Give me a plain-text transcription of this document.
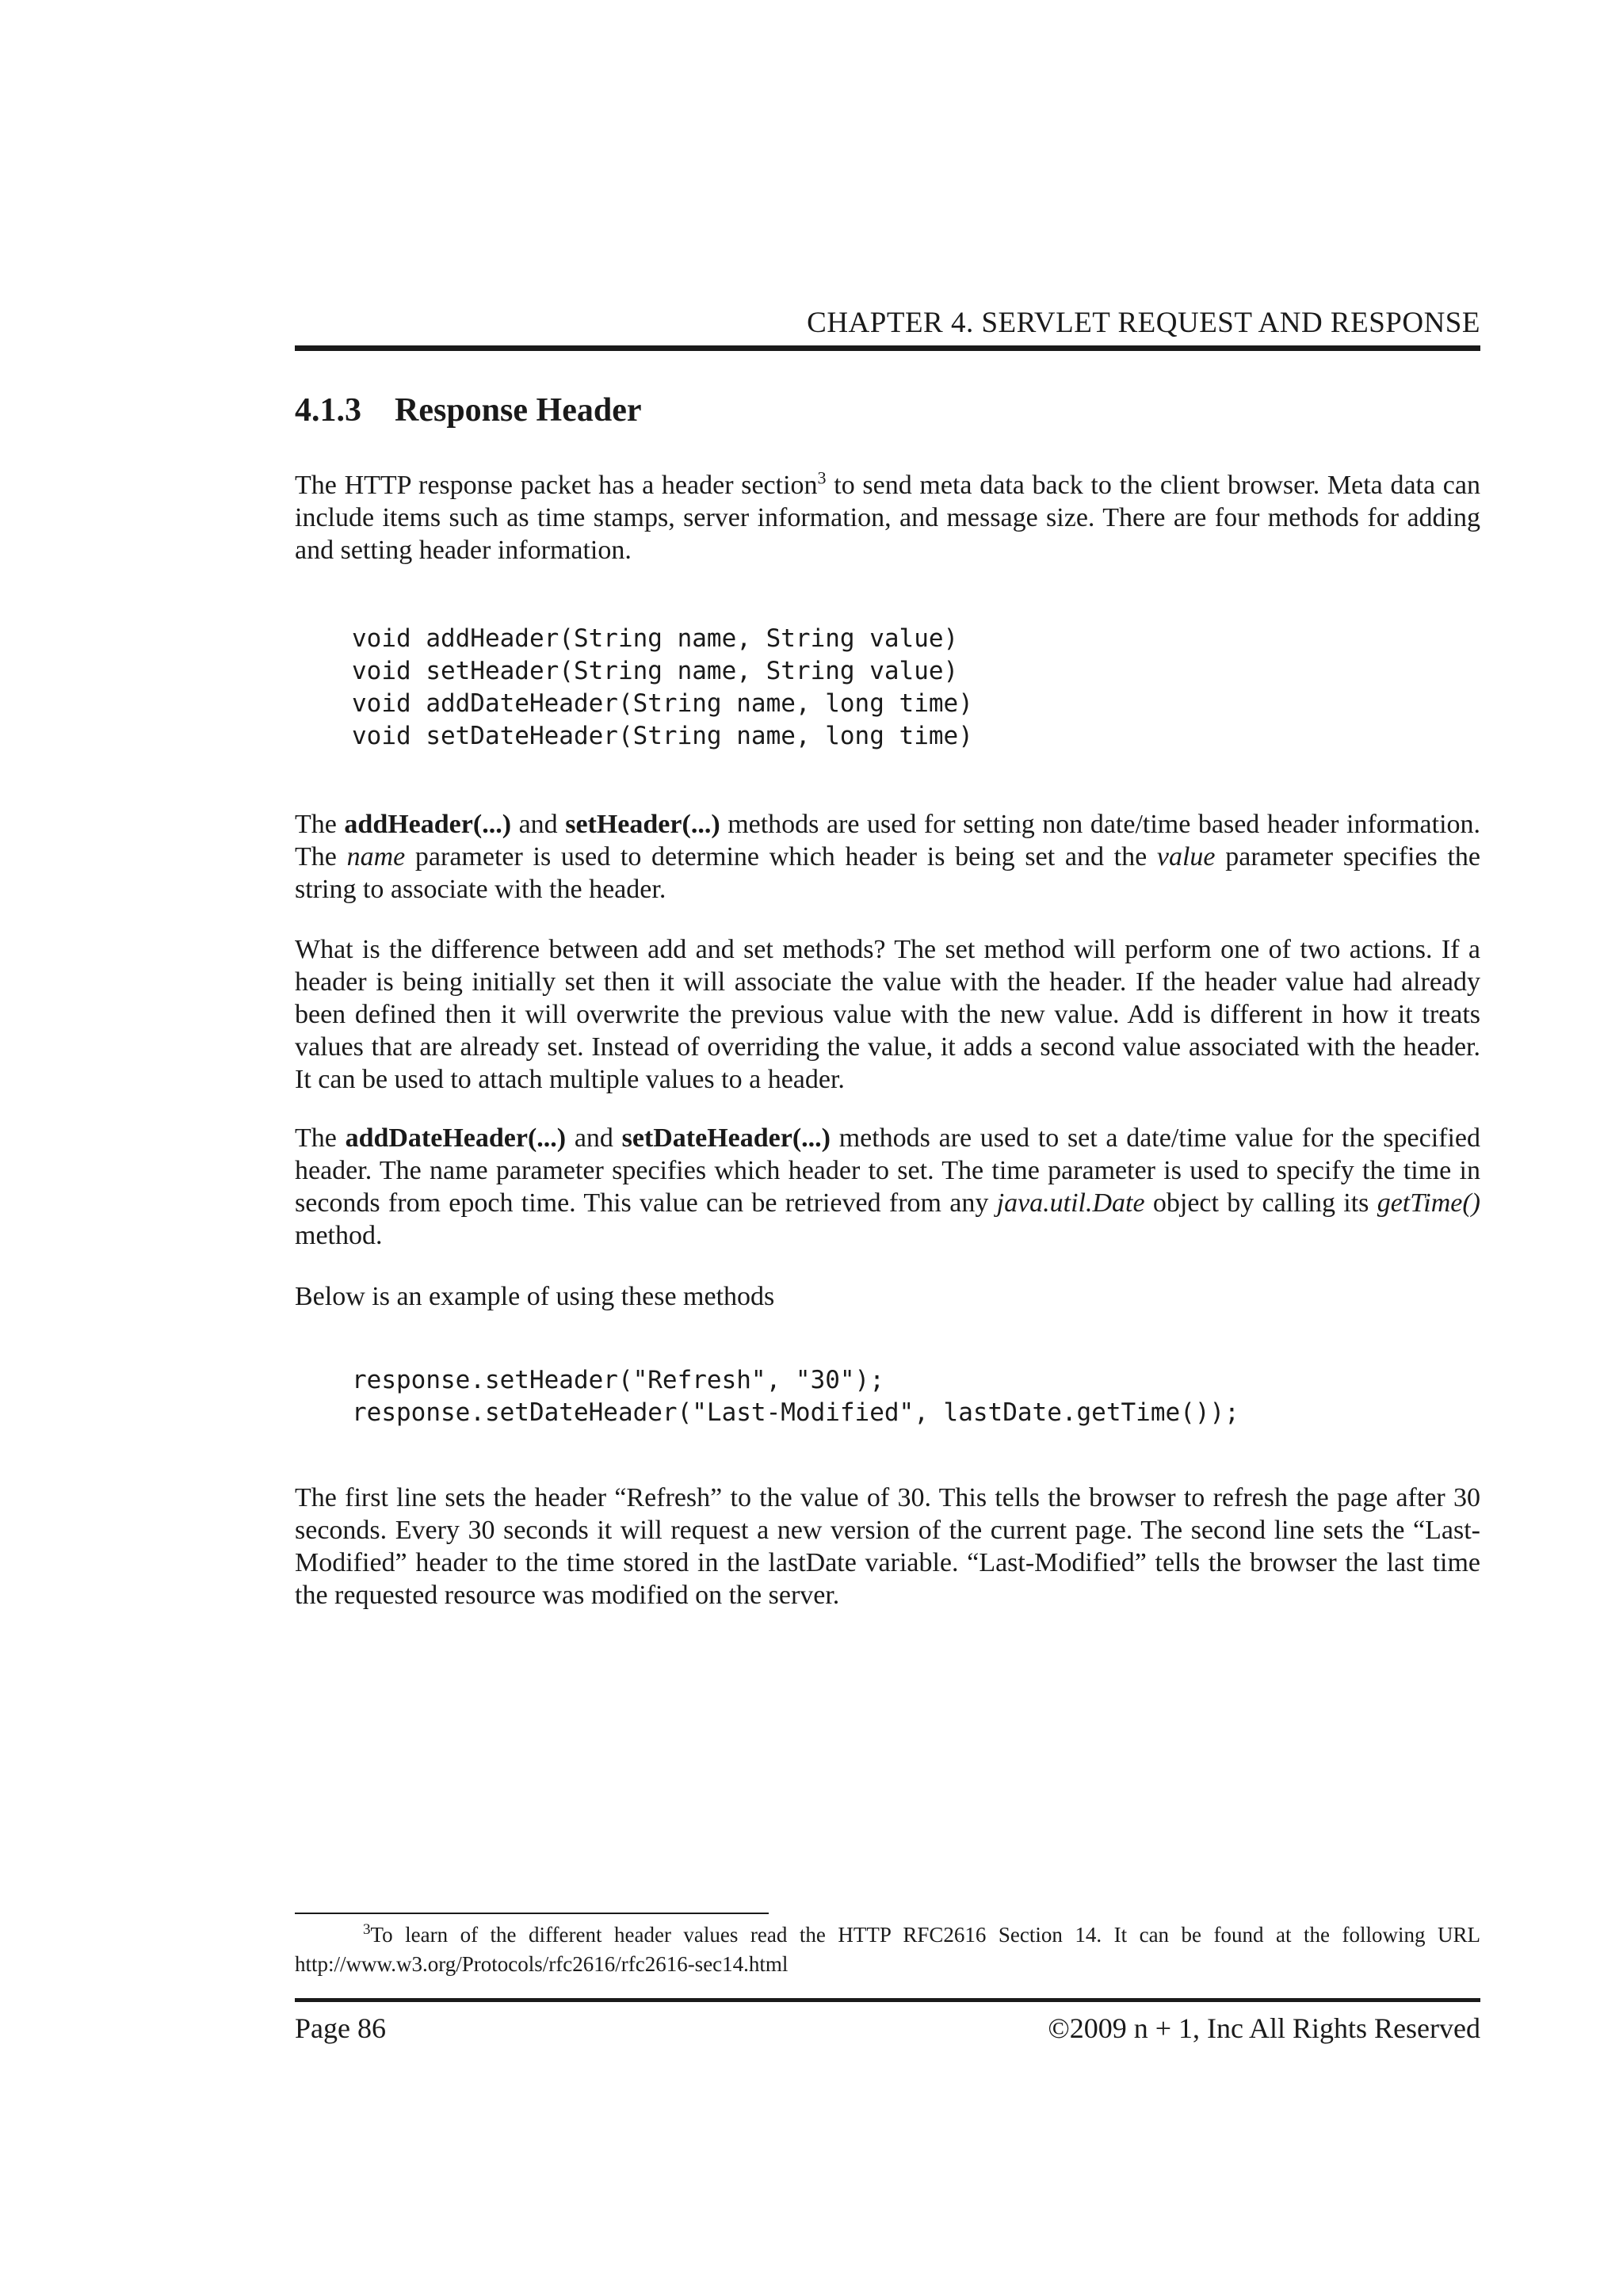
CHAPTER 4. SERVLET REQUEST AND RESPONSE
4.1.3 Response Header

The HTTP response packet has a header section$^3$ to send meta data back to the client browser. Meta data can include items such as time stamps, server information, and message size. There are four methods for adding and setting header information.

void addHeader(String name, String value)
void setHeader(String name, String value)
void addDateHeader(String name, long time)
void setDateHeader(String name, long time)

The addHeader(...) and setHeader(...) methods are used for setting non date/time based header information. The name parameter is used to determine which header is being set and the value parameter specifies the string to associate with the header.

What is the difference between add and set methods? The set method will perform one of two actions. If a header is being initially set then it will associate the value with the header. If the header value had already been defined then it will overwrite the previous value with the new value. Add is different in how it treats values that are already set. Instead of overriding the value, it adds a second value associated with the header. It can be used to attach multiple values to a header.

The addDateHeader(...) and setDateHeader(...) methods are used to set a date/time value for the specified header. The name parameter specifies which header to set. The time parameter is used to specify the time in seconds from epoch time. This value can be retrieved from any java.util.Date object by calling its getTime() method.

Below is an example of using these methods

response.setHeader("Refresh", "30");
response.setDateHeader("Last-Modified", lastDate.getTime());

The first line sets the header “Refresh” to the value of 30. This tells the browser to refresh the page after 30 seconds. Every 30 seconds it will request a new version of the current page. The second line sets the “Last-Modified” header to the time stored in the lastDate variable. “Last-Modified” tells the browser the last time the requested resource was modified on the server.

$^3$To learn of the different header values read the HTTP RFC2616 Section 14. It can be found at the following URL http://www.w3.org/Protocols/rfc2616/rfc2616-sec14.html

Page 86	©2009 n + 1, Inc All Rights Reserved
